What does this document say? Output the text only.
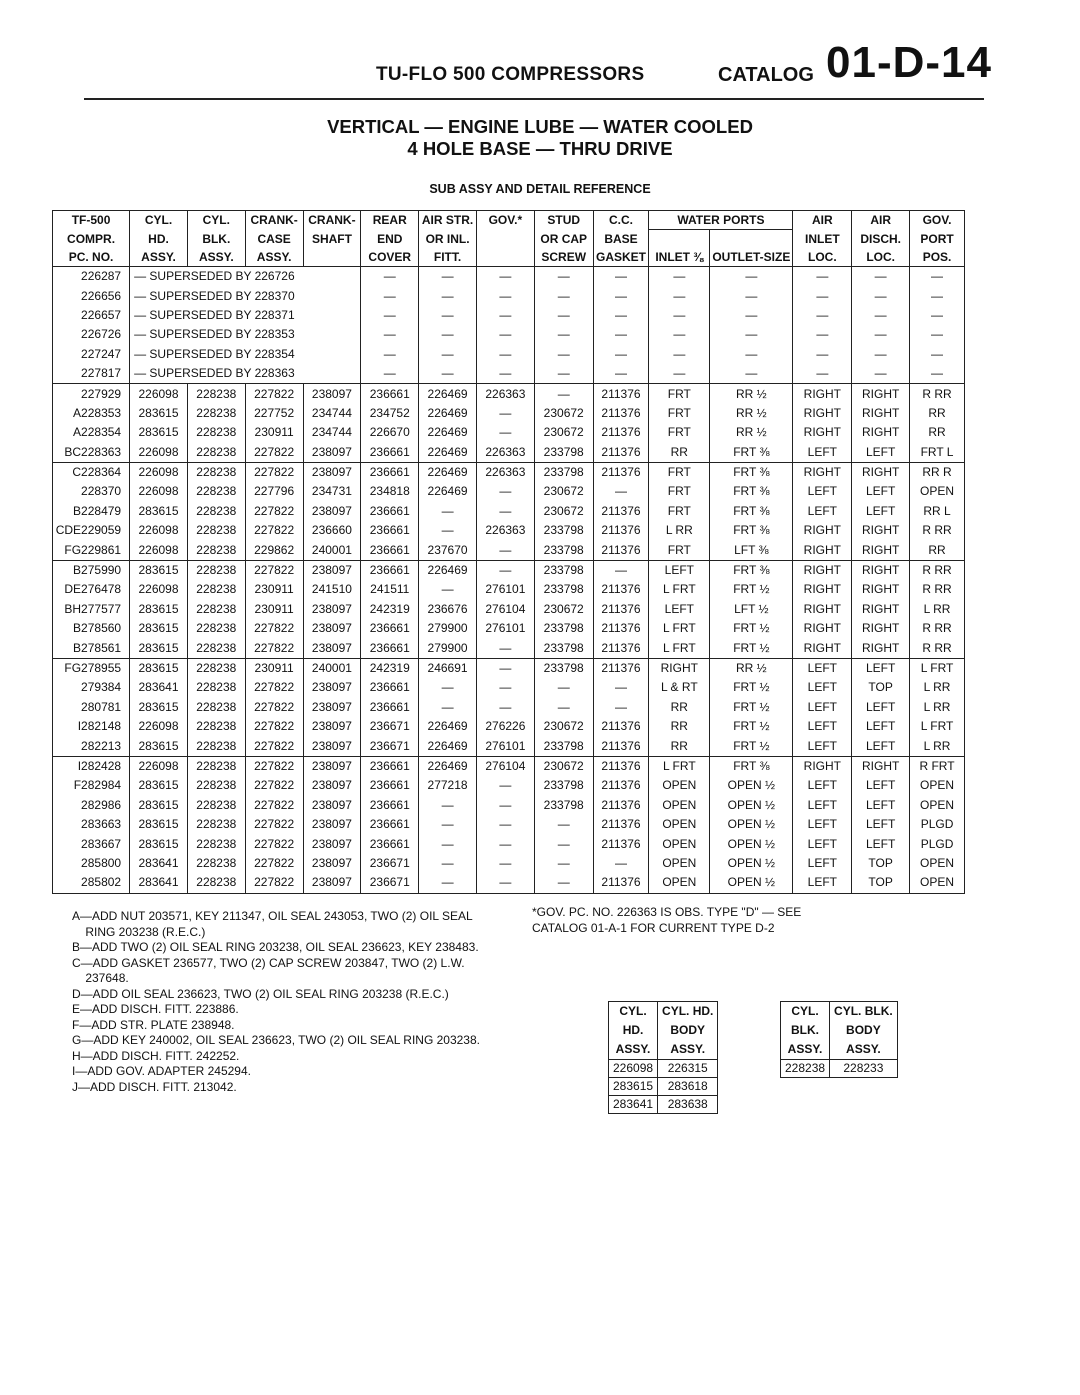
TU-FLO 500 COMPRESSORS	CATALOG 01-D-14
VERTICAL — ENGINE LUBE — WATER COOLED
4 HOLE BASE — THRU DRIVE
SUB ASSY AND DETAIL REFERENCE
TF-500	CYL.	CYL.	CRANK-	CRANK-	REAR	AIR STR.	GOV.*	STUD	C.C.	WATER PORTS		AIR	AIR	GOV.
COMPR.	HD.	BLK.	CASE	SHAFT	END	OR INL.		OR CAP	BASE			INLET	DISCH.	PORT
PC. NO.	ASSY.	ASSY.	ASSY.		COVER	FITT.		SCREW	GASKET	INLET ⅜	OUTLET-SIZE	LOC.	LOC.	POS.
226287	— SUPERSEDED BY 226726				—	—	—	—	—	—	—	—	—	—
226656	— SUPERSEDED BY 228370				—	—	—	—	—	—	—	—	—	—
226657	— SUPERSEDED BY 228371				—	—	—	—	—	—	—	—	—	—
226726	— SUPERSEDED BY 228353				—	—	—	—	—	—	—	—	—	—
227247	— SUPERSEDED BY 228354				—	—	—	—	—	—	—	—	—	—
227817	— SUPERSEDED BY 228363				—	—	—	—	—	—	—	—	—	—
227929	226098	228238	227822	238097	236661	226469	226363	—	211376	FRT	RR ½	RIGHT	RIGHT	R RR
A228353	283615	228238	227752	234744	234752	226469	—	230672	211376	FRT	RR ½	RIGHT	RIGHT	RR
A228354	283615	228238	230911	234744	226670	226469	—	230672	211376	FRT	RR ½	RIGHT	RIGHT	RR
BC228363	226098	228238	227822	238097	236661	226469	226363	233798	211376	RR	FRT ⅜	LEFT	LEFT	FRT L
C228364	226098	228238	227822	238097	236661	226469	226363	233798	211376	FRT	FRT ⅜	RIGHT	RIGHT	RR R
228370	226098	228238	227796	234731	234818	226469	—	230672	—	FRT	FRT ⅜	LEFT	LEFT	OPEN
B228479	283615	228238	227822	238097	236661	—	—	230672	211376	FRT	FRT ⅜	LEFT	LEFT	RR L
CDE229059	226098	228238	227822	236660	236661	—	226363	233798	211376	L RR	FRT ⅜	RIGHT	RIGHT	R RR
FG229861	226098	228238	229862	240001	236661	237670	—	233798	211376	FRT	LFT ⅜	RIGHT	RIGHT	RR
B275990	283615	228238	227822	238097	236661	226469	—	233798	—	LEFT	FRT ⅜	RIGHT	RIGHT	R RR
DE276478	226098	228238	230911	241510	241511	—	276101	233798	211376	L FRT	FRT ½	RIGHT	RIGHT	R RR
BH277577	283615	228238	230911	238097	242319	236676	276104	230672	211376	LEFT	LFT ½	RIGHT	RIGHT	L RR
B278560	283615	228238	227822	238097	236661	279900	276101	233798	211376	L FRT	FRT ½	RIGHT	RIGHT	R RR
B278561	283615	228238	227822	238097	236661	279900	—	233798	211376	L FRT	FRT ½	RIGHT	RIGHT	R RR
FG278955	283615	228238	230911	240001	242319	246691	—	233798	211376	RIGHT	RR ½	LEFT	LEFT	L FRT
279384	283641	228238	227822	238097	236661	—	—	—	—	L & RT	FRT ½	LEFT	TOP	L RR
280781	283615	228238	227822	238097	236661	—	—	—	—	RR	FRT ½	LEFT	LEFT	L RR
I282148	226098	228238	227822	238097	236671	226469	276226	230672	211376	RR	FRT ½	LEFT	LEFT	L FRT
282213	283615	228238	227822	238097	236671	226469	276101	233798	211376	RR	FRT ½	LEFT	LEFT	L RR
I282428	226098	228238	227822	238097	236661	226469	276104	230672	211376	L FRT	FRT ⅜	RIGHT	RIGHT	R FRT
F282984	283615	228238	227822	238097	236661	277218	—	233798	211376	OPEN	OPEN ½	LEFT	LEFT	OPEN
282986	283615	228238	227822	238097	236661	—	—	233798	211376	OPEN	OPEN ½	LEFT	LEFT	OPEN
283663	283615	228238	227822	238097	236661	—	—	—	211376	OPEN	OPEN ½	LEFT	LEFT	PLGD
283667	283615	228238	227822	238097	236661	—	—	—	211376	OPEN	OPEN ½	LEFT	LEFT	PLGD
285800	283641	228238	227822	238097	236671	—	—	—	—	OPEN	OPEN ½	LEFT	TOP	OPEN
285802	283641	228238	227822	238097	236671	—	—	—	211376	OPEN	OPEN ½	LEFT	TOP	OPEN
A—ADD NUT 203571, KEY 211347, OIL SEAL 243053, TWO (2) OIL SEAL
RING 203238 (R.E.C.)
B—ADD TWO (2) OIL SEAL RING 203238, OIL SEAL 236623, KEY 238483.
C—ADD GASKET 236577, TWO (2) CAP SCREW 203847, TWO (2) L.W.
237648.
D—ADD OIL SEAL 236623, TWO (2) OIL SEAL RING 203238 (R.E.C.)
E—ADD DISCH. FITT. 223886.
F—ADD STR. PLATE 238948.
G—ADD KEY 240002, OIL SEAL 236623, TWO (2) OIL SEAL RING 203238.
H—ADD DISCH. FITT. 242252.
I—ADD GOV. ADAPTER 245294.
J—ADD DISCH. FITT. 213042.
*GOV. PC. NO. 226363 IS OBS. TYPE "D" — SEE
CATALOG 01-A-1 FOR CURRENT TYPE D-2
CYL.	CYL. HD.
HD.	BODY
ASSY.	ASSY.
226098	226315
283615	283618
283641	283638
CYL.	CYL. BLK.
BLK.	BODY
ASSY.	ASSY.
228238	228233
